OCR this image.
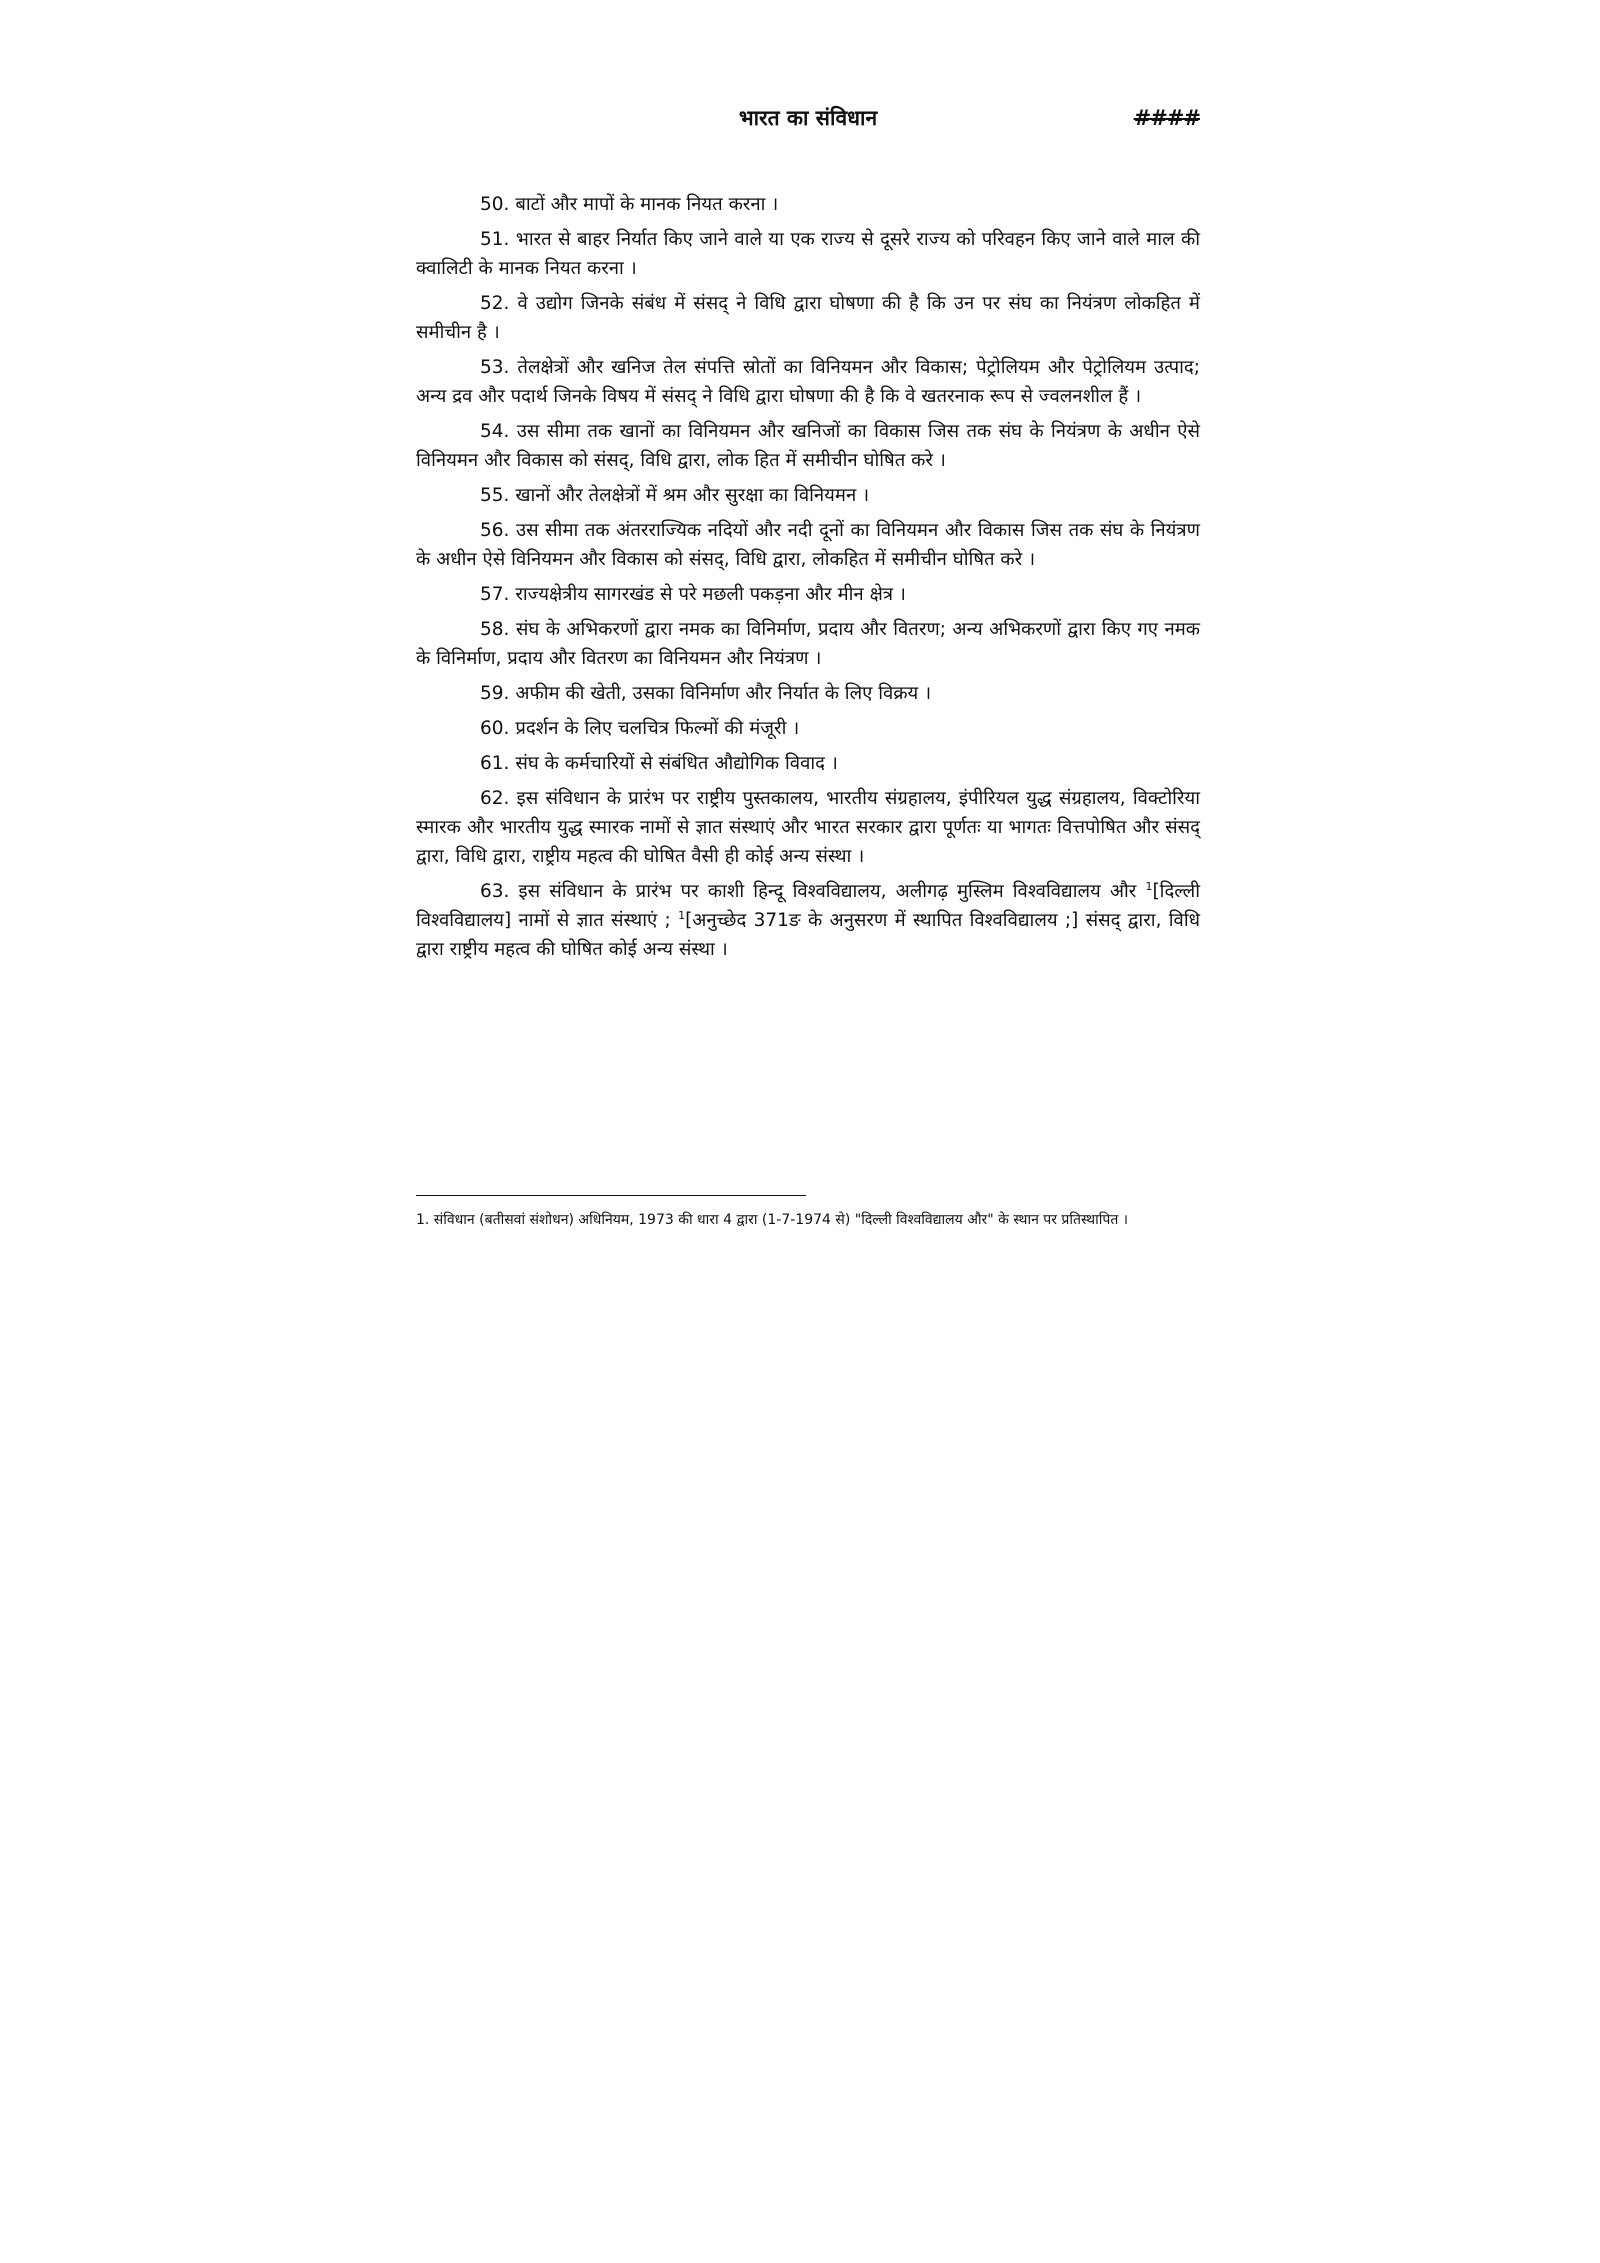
भारत का संविधान	####

50. बाटों और मापों के मानक नियत करना ।

51. भारत से बाहर निर्यात किए जाने वाले या एक राज्य से दूसरे राज्य को परिवहन किए जाने वाले माल की क्वालिटी के मानक नियत करना ।

52. वे उद्योग जिनके संबंध में संसद् ने विधि द्वारा घोषणा की है कि उन पर संघ का नियंत्रण लोकहित में समीचीन है ।

53. तेलक्षेत्रों और खनिज तेल संपत्ति स्रोतों का विनियमन और विकास; पेट्रोलियम और पेट्रोलियम उत्पाद; अन्य द्रव और पदार्थ जिनके विषय में संसद् ने विधि द्वारा घोषणा की है कि वे खतरनाक रूप से ज्वलनशील हैं ।

54. उस सीमा तक खानों का विनियमन और खनिजों का विकास जिस तक संघ के नियंत्रण के अधीन ऐसे विनियमन और विकास को संसद्, विधि द्वारा, लोक हित में समीचीन घोषित करे ।

55. खानों और तेलक्षेत्रों में श्रम और सुरक्षा का विनियमन ।

56. उस सीमा तक अंतरराज्यिक नदियों और नदी दूनों का विनियमन और विकास जिस तक संघ के नियंत्रण के अधीन ऐसे विनियमन और विकास को संसद्, विधि द्वारा, लोकहित में समीचीन घोषित करे ।

57. राज्यक्षेत्रीय सागरखंड से परे मछली पकड़ना और मीन क्षेत्र ।

58. संघ के अभिकरणों द्वारा नमक का विनिर्माण, प्रदाय और वितरण; अन्य अभिकरणों द्वारा किए गए नमक के विनिर्माण, प्रदाय और वितरण का विनियमन और नियंत्रण ।

59. अफीम की खेती, उसका विनिर्माण और निर्यात के लिए विक्रय ।

60. प्रदर्शन के लिए चलचित्र फिल्मों की मंजूरी ।

61. संघ के कर्मचारियों से संबंधित औद्योगिक विवाद ।

62. इस संविधान के प्रारंभ पर राष्ट्रीय पुस्तकालय, भारतीय संग्रहालय, इंपीरियल युद्ध संग्रहालय, विक्टोरिया स्मारक और भारतीय युद्ध स्मारक नामों से ज्ञात संस्थाएं और भारत सरकार द्वारा पूर्णतः या भागतः वित्तपोषित और संसद् द्वारा, विधि द्वारा, राष्ट्रीय महत्व की घोषित वैसी ही कोई अन्य संस्था ।

63. इस संविधान के प्रारंभ पर काशी हिन्दू विश्वविद्यालय, अलीगढ़ मुस्लिम विश्वविद्यालय और $^1$[दिल्ली विश्वविद्यालय] नामों से ज्ञात संस्थाएं ; $^1$[अनुच्छेद 371ङ के अनुसरण में स्थापित विश्वविद्यालय ;] संसद् द्वारा, विधि द्वारा राष्ट्रीय महत्व की घोषित कोई अन्य संस्था ।

1. संविधान (बतीसवां संशोधन) अधिनियम, 1973 की धारा 4 द्वारा (1-7-1974 से) "दिल्ली विश्वविद्यालय और" के स्थान पर प्रतिस्थापित ।
